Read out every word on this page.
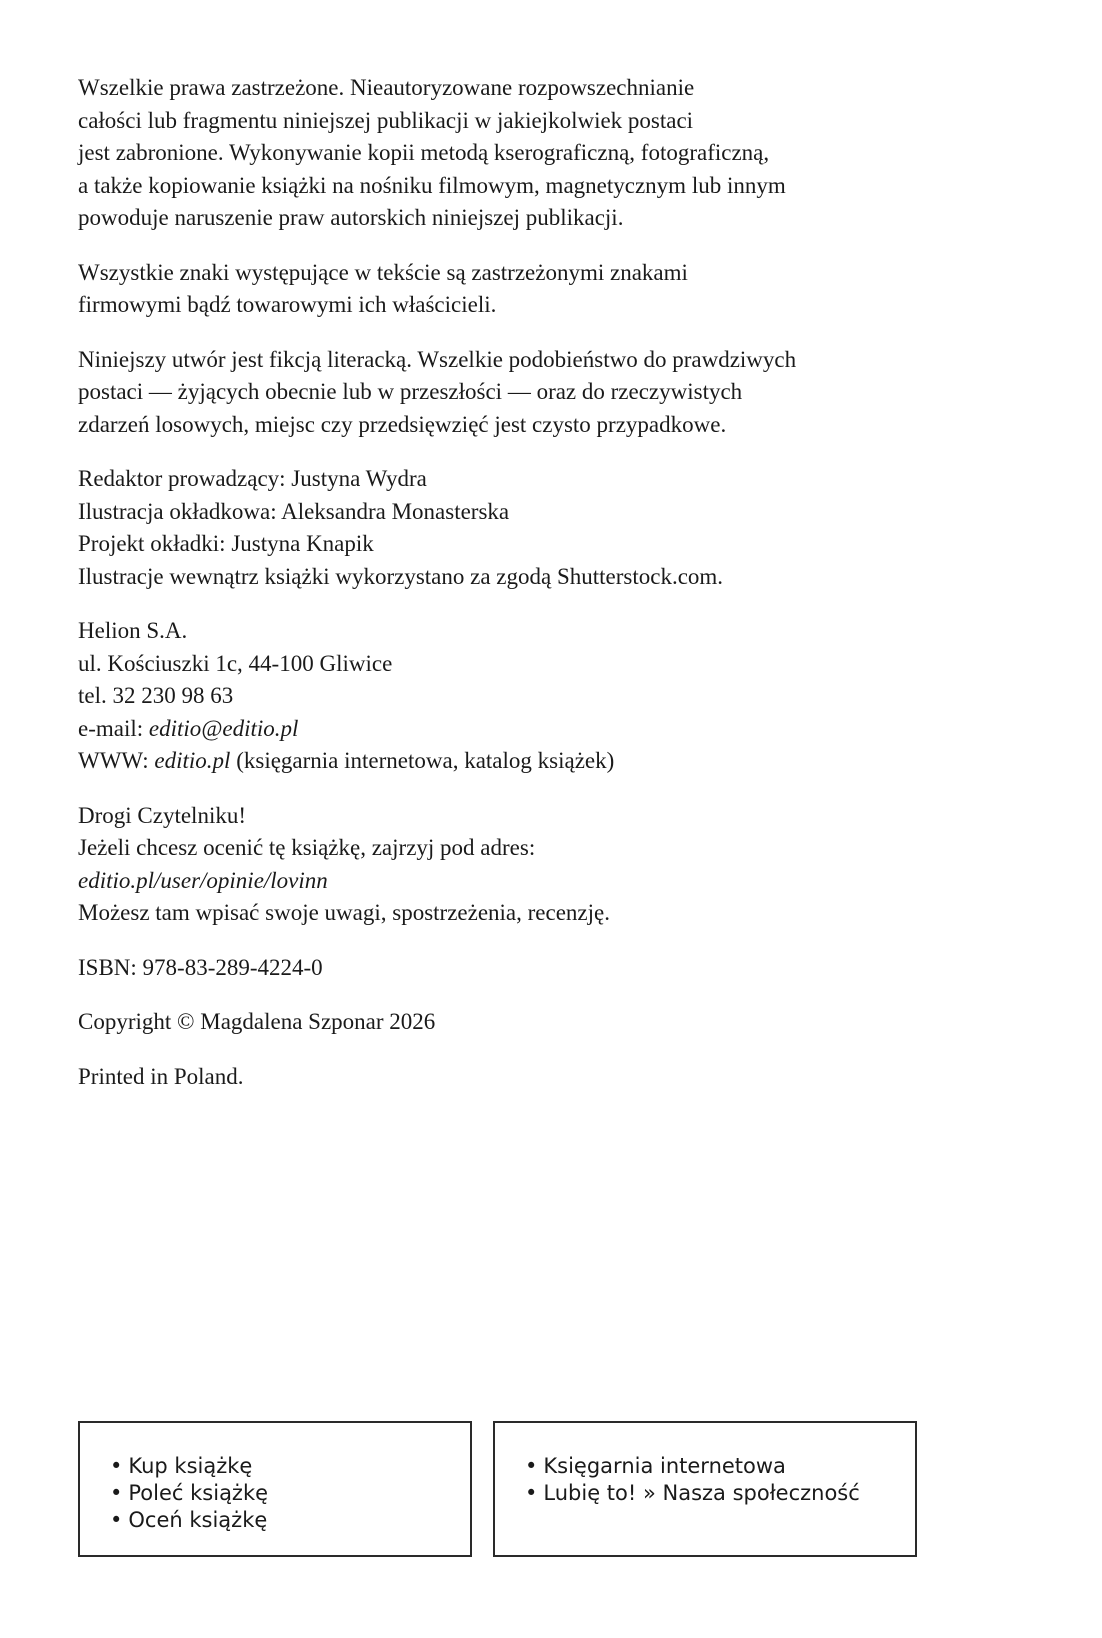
Wszelkie prawa zastrzeżone. Nieautoryzowane rozpowszechnianie
całości lub fragmentu niniejszej publikacji w jakiejkolwiek postaci
jest zabronione. Wykonywanie kopii metodą kserograficzną, fotograficzną,
a także kopiowanie książki na nośniku filmowym, magnetycznym lub innym
powoduje naruszenie praw autorskich niniejszej publikacji.

Wszystkie znaki występujące w tekście są zastrzeżonymi znakami
firmowymi bądź towarowymi ich właścicieli.

Niniejszy utwór jest fikcją literacką. Wszelkie podobieństwo do prawdziwych
postaci — żyjących obecnie lub w przeszłości — oraz do rzeczywistych
zdarzeń losowych, miejsc czy przedsięwzięć jest czysto przypadkowe.

Redaktor prowadzący: Justyna Wydra
Ilustracja okładkowa: Aleksandra Monasterska
Projekt okładki: Justyna Knapik
Ilustracje wewnątrz książki wykorzystano za zgodą Shutterstock.com.

Helion S.A.
ul. Kościuszki 1c, 44-100 Gliwice
tel. 32 230 98 63
e-mail: editio@editio.pl
WWW: editio.pl (księgarnia internetowa, katalog książek)

Drogi Czytelniku!
Jeżeli chcesz ocenić tę książkę, zajrzyj pod adres:
editio.pl/user/opinie/lovinn
Możesz tam wpisać swoje uwagi, spostrzeżenia, recenzję.

ISBN: 978-83-289-4224-0

Copyright © Magdalena Szponar 2026

Printed in Poland.

• Kup książkę
• Poleć książkę
• Oceń książkę
• Księgarnia internetowa
• Lubię to! » Nasza społeczność
